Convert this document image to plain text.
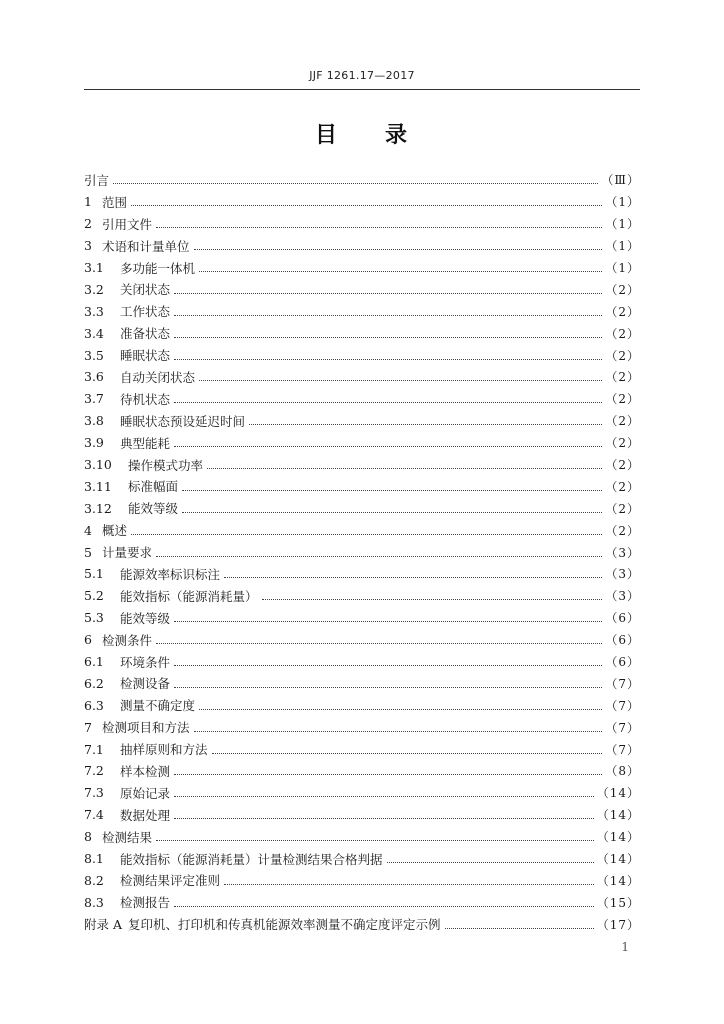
JJF 1261.17—2017
目 录
引言	（Ⅲ）
1 范围	（1）
2 引用文件	（1）
3 术语和计量单位	（1）
3.1	多功能一体机	（1）
3.2	关闭状态	（2）
3.3	工作状态	（2）
3.4	准备状态	（2）
3.5	睡眠状态	（2）
3.6	自动关闭状态	（2）
3.7	待机状态	（2）
3.8	睡眠状态预设延迟时间	（2）
3.9	典型能耗	（2）
3.10	操作模式功率	（2）
3.11	标准幅面	（2）
3.12	能效等级	（2）
4 概述	（2）
5 计量要求	（3）
5.1	能源效率标识标注	（3）
5.2	能效指标（能源消耗量）	（3）
5.3	能效等级	（6）
6 检测条件	（6）
6.1	环境条件	（6）
6.2	检测设备	（7）
6.3	测量不确定度	（7）
7 检测项目和方法	（7）
7.1	抽样原则和方法	（7）
7.2	样本检测	（8）
7.3	原始记录	（14）
7.4	数据处理	（14）
8 检测结果	（14）
8.1	能效指标（能源消耗量）计量检测结果合格判据	（14）
8.2	检测结果评定准则	（14）
8.3	检测报告	（15）
附录 A 复印机、打印机和传真机能源效率测量不确定度评定示例	（17）
1
